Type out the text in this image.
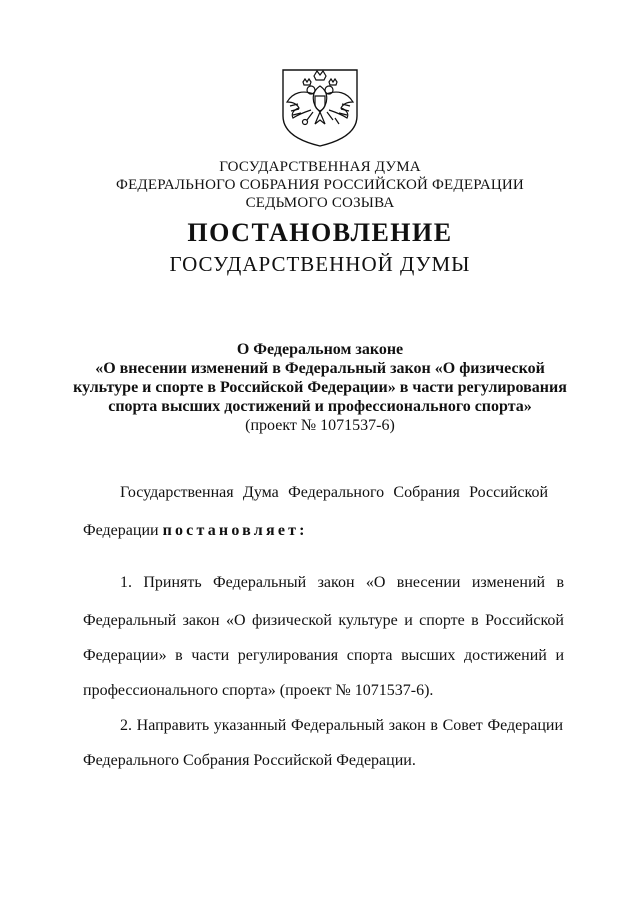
ГОСУДАРСТВЕННАЯ ДУМА
ФЕДЕРАЛЬНОГО СОБРАНИЯ РОССИЙСКОЙ ФЕДЕРАЦИИ
СЕДЬМОГО СОЗЫВА
ПОСТАНОВЛЕНИЕ
ГОСУДАРСТВЕННОЙ ДУМЫ
О Федеральном законе
«О внесении изменений в Федеральный закон «О физической
культуре и спорте в Российской Федерации» в части регулирования
спорта высших достижений и профессионального спорта»
(проект № 1071537-6)
Государственная Дума Федерального Собрания Российской
Федерации постановляет:
1. Принять Федеральный закон «О внесении изменений в
Федеральный закон «О физической культуре и спорте в Российской
Федерации» в части регулирования спорта высших достижений и
профессионального спорта» (проект № 1071537-6).
2. Направить указанный Федеральный закон в Совет Федерации
Федерального Собрания Российской Федерации.
